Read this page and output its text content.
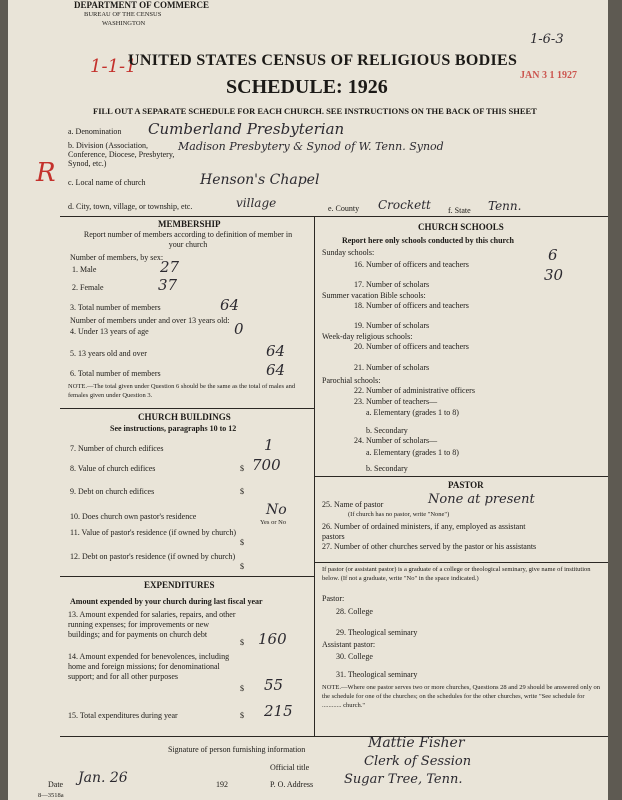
DEPARTMENT OF COMMERCE
BUREAU OF THE CENSUS
WASHINGTON
1-1-1
1-6-3
JAN 3 1 1927
UNITED STATES CENSUS OF RELIGIOUS BODIES
SCHEDULE: 1926
FILL OUT A SEPARATE SCHEDULE FOR EACH CHURCH. SEE INSTRUCTIONS ON THE BACK OF THIS SHEET
R
a. Denomination Cumberland Presbyterian
b. Division (Association, Conference, Diocese, Presbytery, Synod, etc.)
Madison Presbytery & Synod of W. Tenn. Synod
c. Local name of church	Henson's Chapel
d. City, town, village, or township, etc.	village	e. County Crockett f. State Tenn.
MEMBERSHIP
Report number of members according to definition of member in your church
Number of members, by sex:
1. Male	27
2. Female	37
3. Total number of members	64
Number of members under and over 13 years old:
4. Under 13 years of age	0
5. 13 years old and over	64
6. Total number of members	64
NOTE.—The total given under Question 6 should be the same as the total of males and females given under Question 3.
CHURCH BUILDINGS
See instructions, paragraphs 10 to 12
7. Number of church edifices	1
8. Value of church edifices	$ 700
9. Debt on church edifices	$
10. Does church own pastor's residence	No
Yes or No
11. Value of pastor's residence (if owned by church)
$
12. Debt on pastor's residence (if owned by church)
$
EXPENDITURES
Amount expended by your church during last fiscal year
13. Amount expended for salaries, repairs, and other running expenses; for improvements or new buildings; and for payments on church debt
$ 160
14. Amount expended for benevolences, including home and foreign missions; for denominational support; and for all other purposes
$ 55
15. Total expenditures during year	$ 215
CHURCH SCHOOLS
Report here only schools conducted by this church
Sunday schools:
16. Number of officers and teachers
6
17. Number of scholars
30
Summer vacation Bible schools:
18. Number of officers and teachers
19. Number of scholars
Week-day religious schools:
20. Number of officers and teachers
21. Number of scholars
Parochial schools:
22. Number of administrative officers
23. Number of teachers—
a. Elementary (grades 1 to 8)
b. Secondary
24. Number of scholars—
a. Elementary (grades 1 to 8)
b. Secondary
PASTOR
25. Name of pastor	None at present
(If church has no pastor, write "None")
26. Number of ordained ministers, if any, employed as assistant pastors
27. Number of other churches served by the pastor or his assistants
If pastor (or assistant pastor) is a graduate of a college or theological seminary, give name of institution below. (If not a graduate, write "No" in the space indicated.)
Pastor:
28. College
29. Theological seminary
Assistant pastor:
30. College
31. Theological seminary
NOTE.—Where one pastor serves two or more churches, Questions 28 and 29 should be answered only on the schedule for one of the churches; on the schedules for the other churches, write "See schedule for ............ church."
Signature of person furnishing information	Mattie Fisher
Official title	Clerk of Session
Date Jan. 26	192	P. O. Address Sugar Tree, Tenn.
8—3518a
